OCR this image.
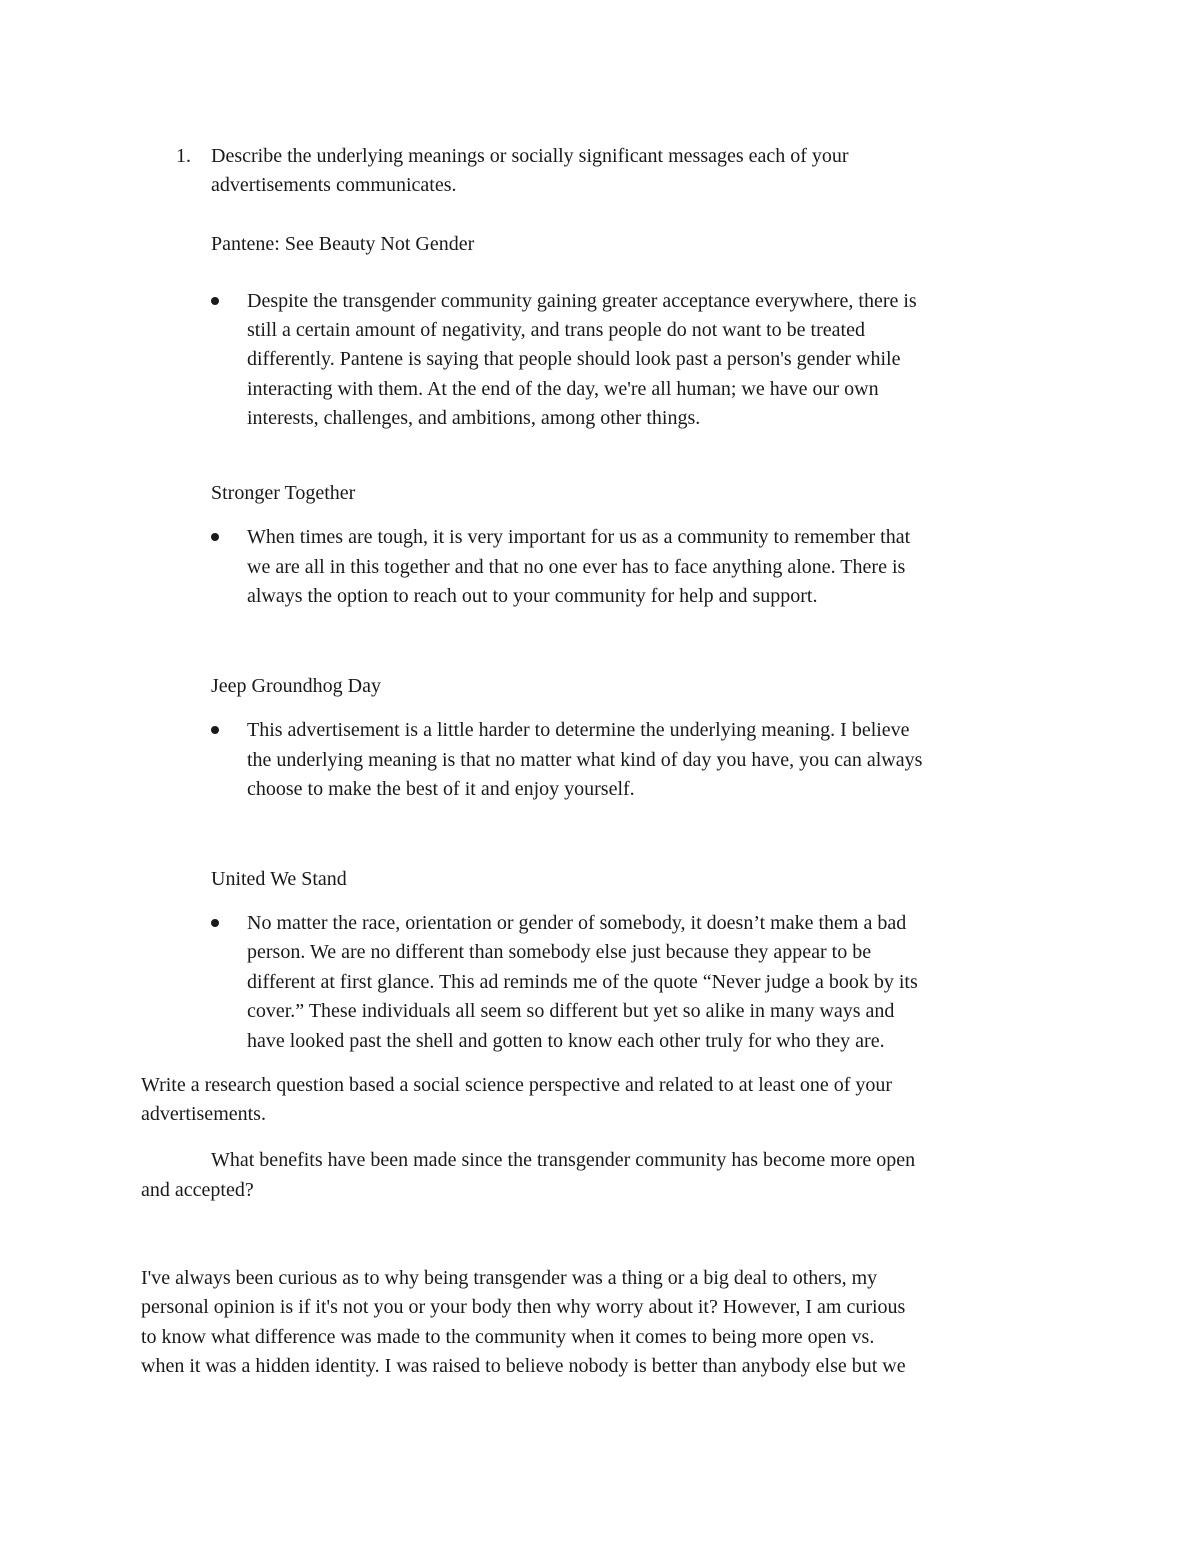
1. Describe the underlying meanings or socially significant messages each of your
advertisements communicates.
Pantene: See Beauty Not Gender
Despite the transgender community gaining greater acceptance everywhere, there is
still a certain amount of negativity, and trans people do not want to be treated
differently. Pantene is saying that people should look past a person's gender while
interacting with them. At the end of the day, we're all human; we have our own
interests, challenges, and ambitions, among other things.
Stronger Together
When times are tough, it is very important for us as a community to remember that
we are all in this together and that no one ever has to face anything alone. There is
always the option to reach out to your community for help and support.
Jeep Groundhog Day
This advertisement is a little harder to determine the underlying meaning. I believe
the underlying meaning is that no matter what kind of day you have, you can always
choose to make the best of it and enjoy yourself.
United We Stand
No matter the race, orientation or gender of somebody, it doesn’t make them a bad
person. We are no different than somebody else just because they appear to be
different at first glance. This ad reminds me of the quote “Never judge a book by its
cover.” These individuals all seem so different but yet so alike in many ways and
have looked past the shell and gotten to know each other truly for who they are.
Write a research question based a social science perspective and related to at least one of your
advertisements.
What benefits have been made since the transgender community has become more open
and accepted?
I've always been curious as to why being transgender was a thing or a big deal to others, my
personal opinion is if it's not you or your body then why worry about it? However, I am curious
to know what difference was made to the community when it comes to being more open vs.
when it was a hidden identity. I was raised to believe nobody is better than anybody else but we
